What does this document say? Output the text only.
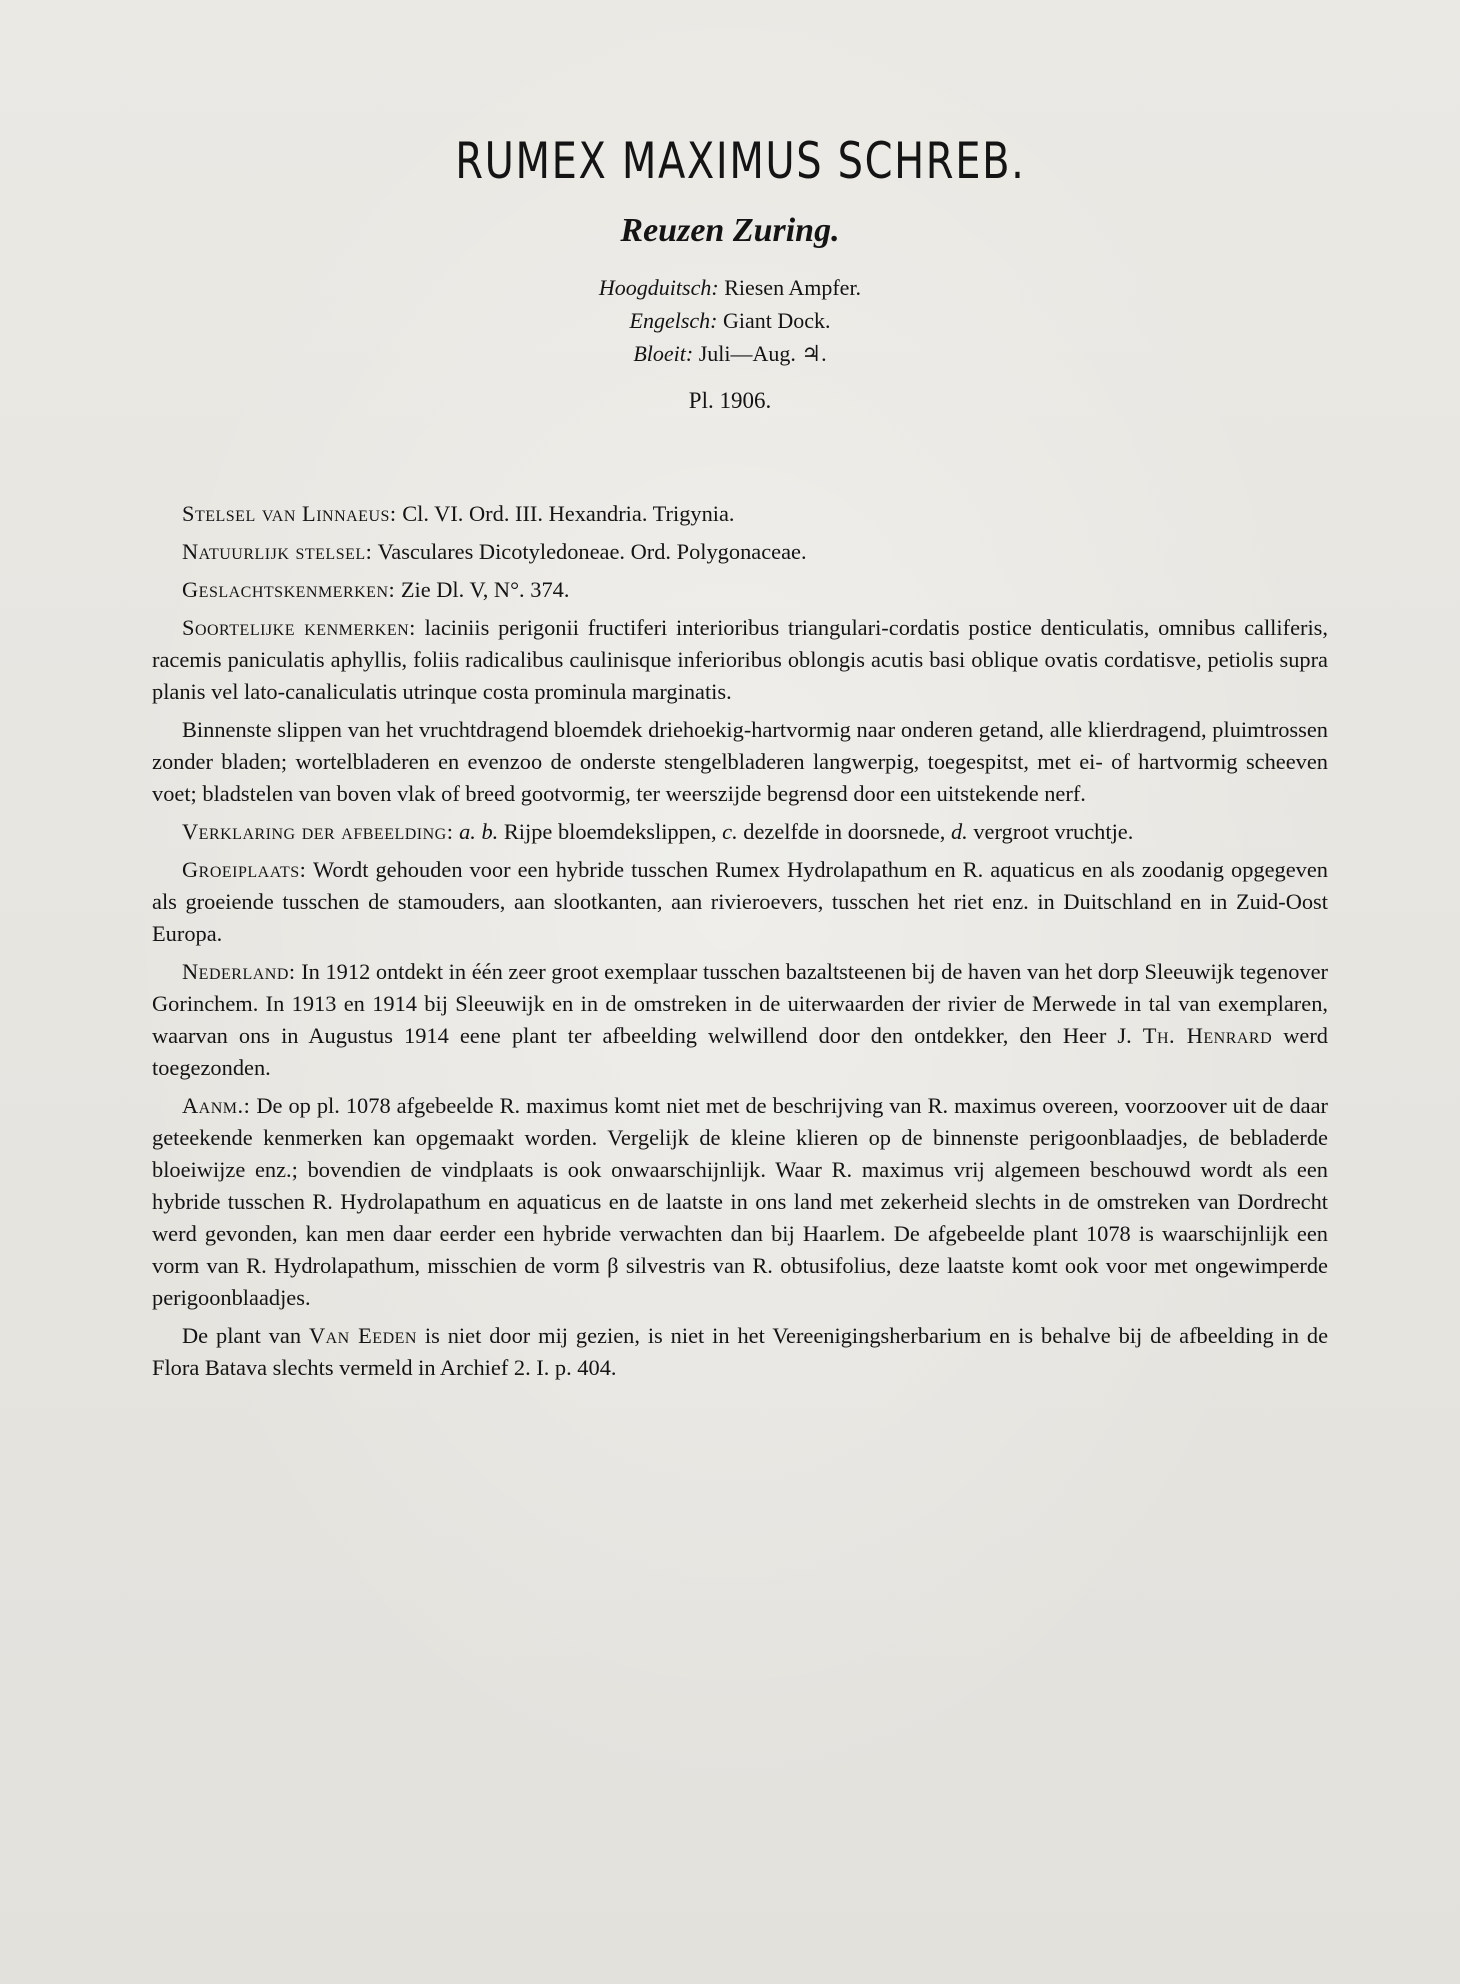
RUMEX MAXIMUS SCHREB.
Reuzen Zuring.
Hoogduitsch: Riesen Ampfer.
Engelsch: Giant Dock.
Bloeit: Juli—Aug. ♃.
Pl. 1906.

Stelsel van Linnaeus: Cl. VI. Ord. III. Hexandria. Trigynia.

Natuurlijk stelsel: Vasculares Dicotyledoneae. Ord. Polygonaceae.

Geslachtskenmerken: Zie Dl. V, N°. 374.

Soortelijke kenmerken: laciniis perigonii fructiferi interioribus triangulari-cordatis postice denticulatis, omnibus calliferis, racemis paniculatis aphyllis, foliis radicalibus caulinisque inferioribus oblongis acutis basi oblique ovatis cordatisve, petiolis supra planis vel lato-canaliculatis utrinque costa prominula marginatis.

Binnenste slippen van het vruchtdragend bloemdek driehoekig-hartvormig naar onderen getand, alle klierdragend, pluimtrossen zonder bladen; wortelbladeren en evenzoo de onderste stengelbladeren langwerpig, toegespitst, met ei- of hartvormig scheeven voet; bladstelen van boven vlak of breed gootvormig, ter weerszijde begrensd door een uitstekende nerf.

Verklaring der afbeelding: a. b. Rijpe bloemdekslippen, c. dezelfde in doorsnede, d. vergroot vruchtje.

Groeiplaats: Wordt gehouden voor een hybride tusschen Rumex Hydrolapathum en R. aquaticus en als zoodanig opgegeven als groeiende tusschen de stamouders, aan slootkanten, aan rivieroevers, tusschen het riet enz. in Duitschland en in Zuid-Oost Europa.

Nederland: In 1912 ontdekt in één zeer groot exemplaar tusschen bazaltsteenen bij de haven van het dorp Sleeuwijk tegenover Gorinchem. In 1913 en 1914 bij Sleeuwijk en in de omstreken in de uiterwaarden der rivier de Merwede in tal van exemplaren, waarvan ons in Augustus 1914 eene plant ter afbeelding welwillend door den ontdekker, den Heer J. Th. Henrard werd toegezonden.

Aanm.: De op pl. 1078 afgebeelde R. maximus komt niet met de beschrijving van R. maximus overeen, voorzoover uit de daar geteekende kenmerken kan opgemaakt worden. Vergelijk de kleine klieren op de binnenste perigoonblaadjes, de bebladerde bloeiwijze enz.; bovendien de vindplaats is ook onwaarschijnlijk. Waar R. maximus vrij algemeen beschouwd wordt als een hybride tusschen R. Hydrolapathum en aquaticus en de laatste in ons land met zekerheid slechts in de omstreken van Dordrecht werd gevonden, kan men daar eerder een hybride verwachten dan bij Haarlem. De afgebeelde plant 1078 is waarschijnlijk een vorm van R. Hydrolapathum, misschien de vorm β silvestris van R. obtusifolius, deze laatste komt ook voor met ongewimperde perigoonblaadjes.

De plant van Van Eeden is niet door mij gezien, is niet in het Vereenigingsherbarium en is behalve bij de afbeelding in de Flora Batava slechts vermeld in Archief 2. I. p. 404.
